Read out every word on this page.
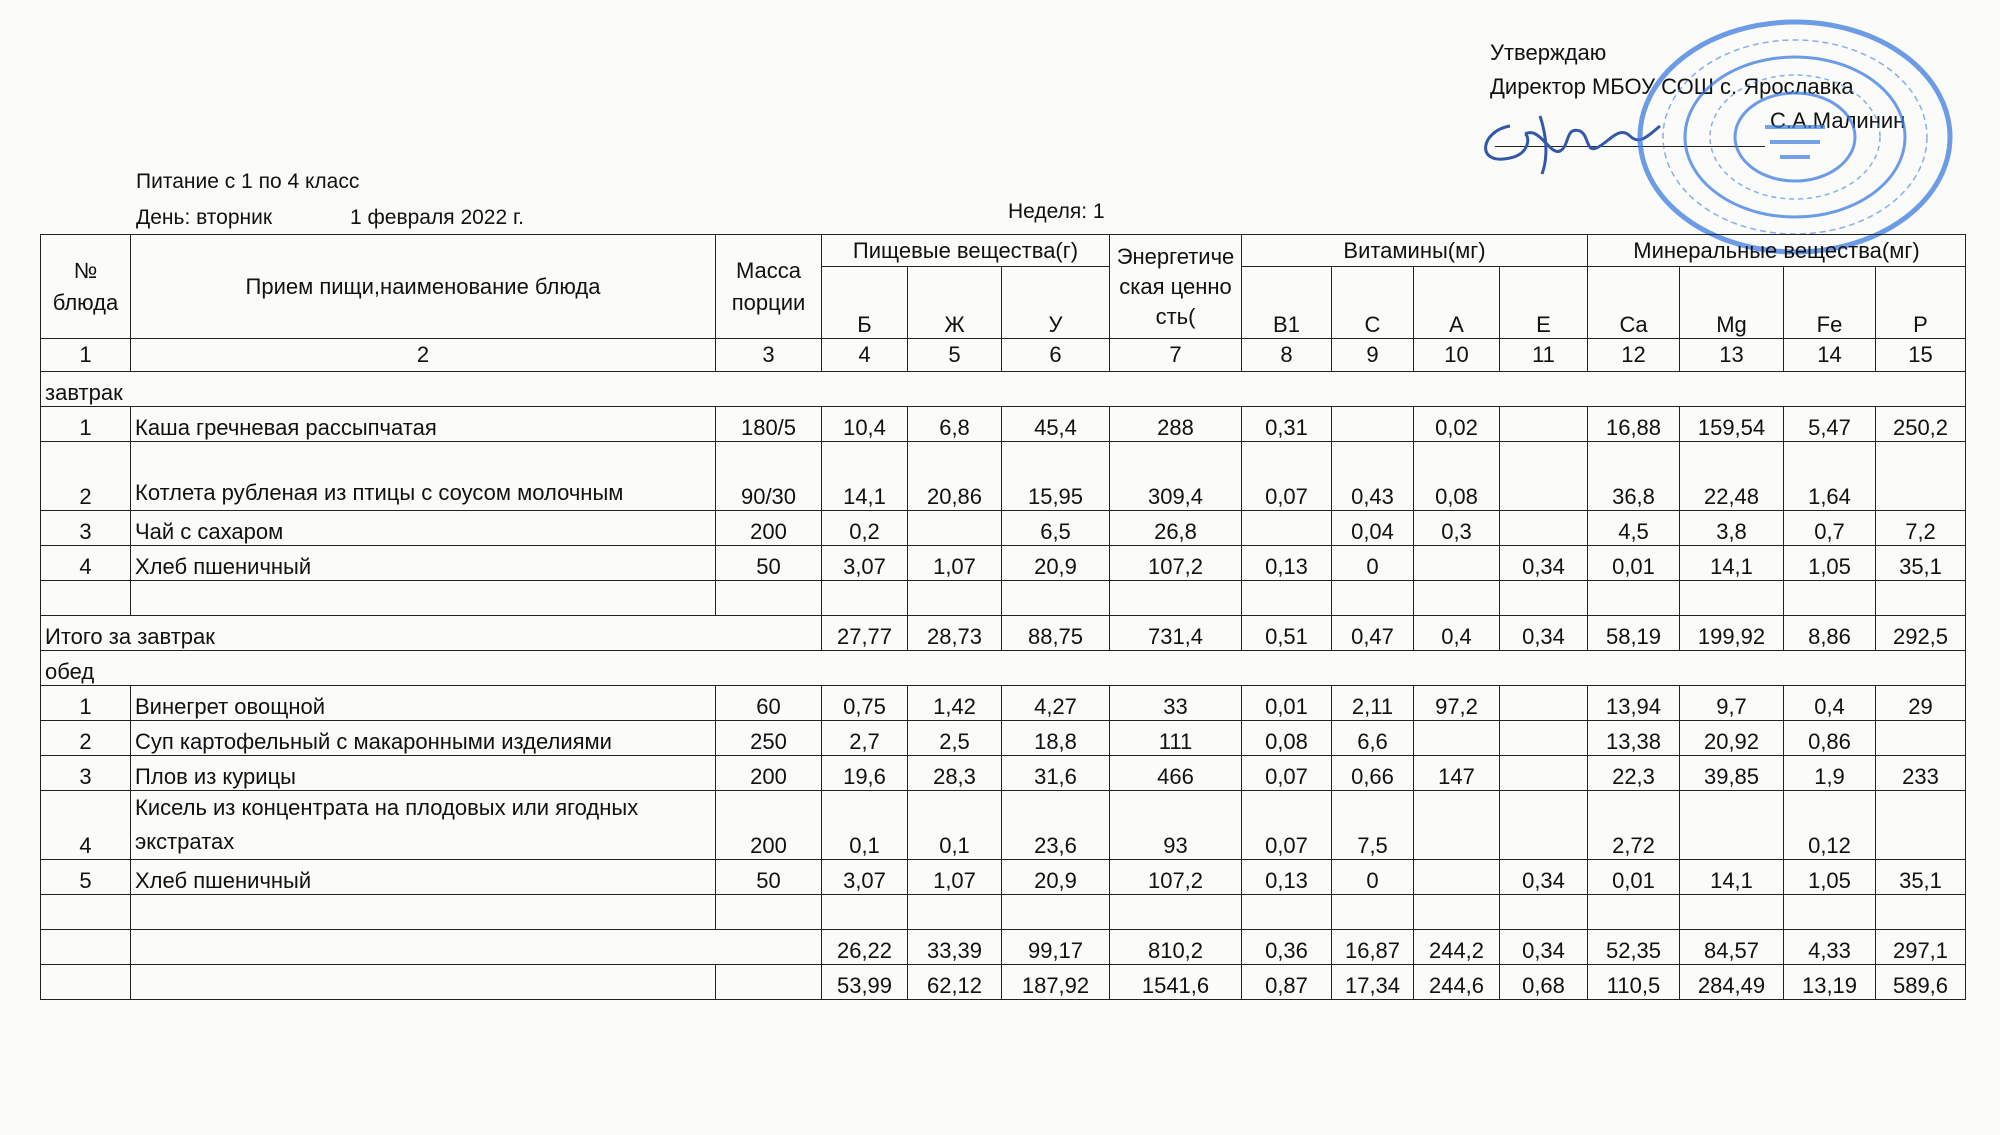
Утверждаю
Директор МБОУ СОШ с. Ярославка
С.А.Малинин
Питание с 1 по 4 класс
День: вторник	1 февраля 2022 г.	Неделя: 1
№ блюда	Прием пищи,наименование блюда	Масса порции	Пищевые вещества(г)			Энергетическая ценность(	Витамины(мг)				Минеральные вещества(мг)			
			Б	Ж	У		В1	С	А	Е	Ca	Mg	Fe	P
1	2	3	4	5	6	7	8	9	10	11	12	13	14	15
завтрак														
1	Каша гречневая рассыпчатая	180/5	10,4	6,8	45,4	288	0,31		0,02		16,88	159,54	5,47	250,2
2	Котлета рубленая из птицы с соусом молочным	90/30	14,1	20,86	15,95	309,4	0,07	0,43	0,08		36,8	22,48	1,64	
3	Чай с сахаром	200	0,2		6,5	26,8		0,04	0,3		4,5	3,8	0,7	7,2
4	Хлеб пшеничный	50	3,07	1,07	20,9	107,2	0,13	0		0,34	0,01	14,1	1,05	35,1

Итого за завтрак			27,77	28,73	88,75	731,4	0,51	0,47	0,4	0,34	58,19	199,92	8,86	292,5
обед														
1	Винегрет овощной	60	0,75	1,42	4,27	33	0,01	2,11	97,2		13,94	9,7	0,4	29
2	Суп картофельный с макаронными изделиями	250	2,7	2,5	18,8	111	0,08	6,6			13,38	20,92	0,86	
3	Плов из курицы	200	19,6	28,3	31,6	466	0,07	0,66	147		22,3	39,85	1,9	233
4	Кисель из концентрата на плодовых или ягодных экстратах	200	0,1	0,1	23,6	93	0,07	7,5			2,72		0,12	
5	Хлеб пшеничный	50	3,07	1,07	20,9	107,2	0,13	0		0,34	0,01	14,1	1,05	35,1

			26,22	33,39	99,17	810,2	0,36	16,87	244,2	0,34	52,35	84,57	4,33	297,1
			53,99	62,12	187,92	1541,6	0,87	17,34	244,6	0,68	110,5	284,49	13,19	589,6
